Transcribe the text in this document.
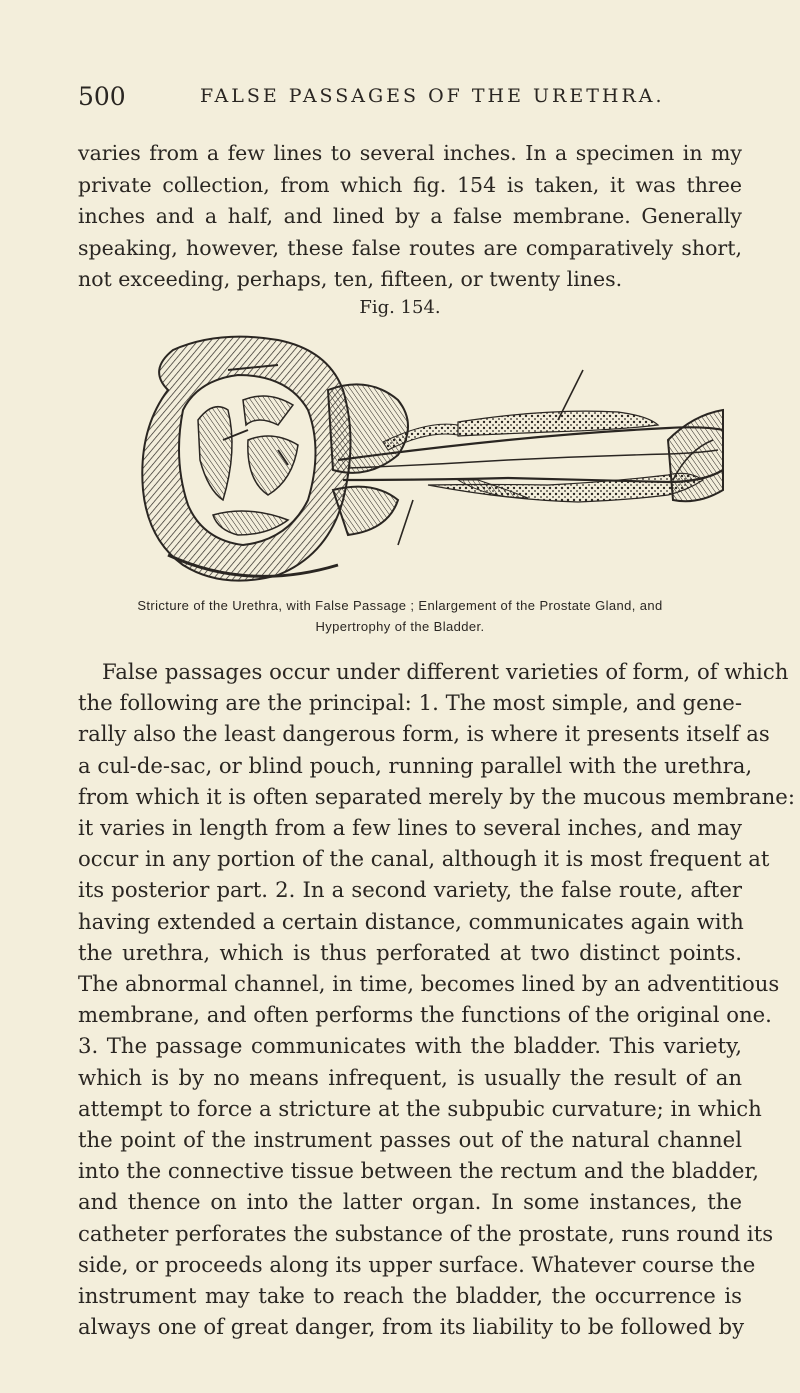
500	FALSE PASSAGES OF THE URETHRA.
varies from a few lines to several inches. In a specimen in my
private collection, from which fig. 154 is taken, it was three
inches and a half, and lined by a false membrane. Generally
speaking, however, these false routes are comparatively short,
not exceeding, perhaps, ten, fifteen, or twenty lines.
Fig. 154.
Stricture of the Urethra, with False Passage ; Enlargement of the Prostate Gland, and
Hypertrophy of the Bladder.
False passages occur under different varieties of form, of which
the following are the principal: 1. The most simple, and gene-
rally also the least dangerous form, is where it presents itself as
a cul-de-sac, or blind pouch, running parallel with the urethra,
from which it is often separated merely by the mucous membrane:
it varies in length from a few lines to several inches, and may
occur in any portion of the canal, although it is most frequent at
its posterior part. 2. In a second variety, the false route, after
having extended a certain distance, communicates again with
the urethra, which is thus perforated at two distinct points.
The abnormal channel, in time, becomes lined by an adventitious
membrane, and often performs the functions of the original one.
3. The passage communicates with the bladder. This variety,
which is by no means infrequent, is usually the result of an
attempt to force a stricture at the subpubic curvature; in which
the point of the instrument passes out of the natural channel
into the connective tissue between the rectum and the bladder,
and thence on into the latter organ. In some instances, the
catheter perforates the substance of the prostate, runs round its
side, or proceeds along its upper surface. Whatever course the
instrument may take to reach the bladder, the occurrence is
always one of great danger, from its liability to be followed by
